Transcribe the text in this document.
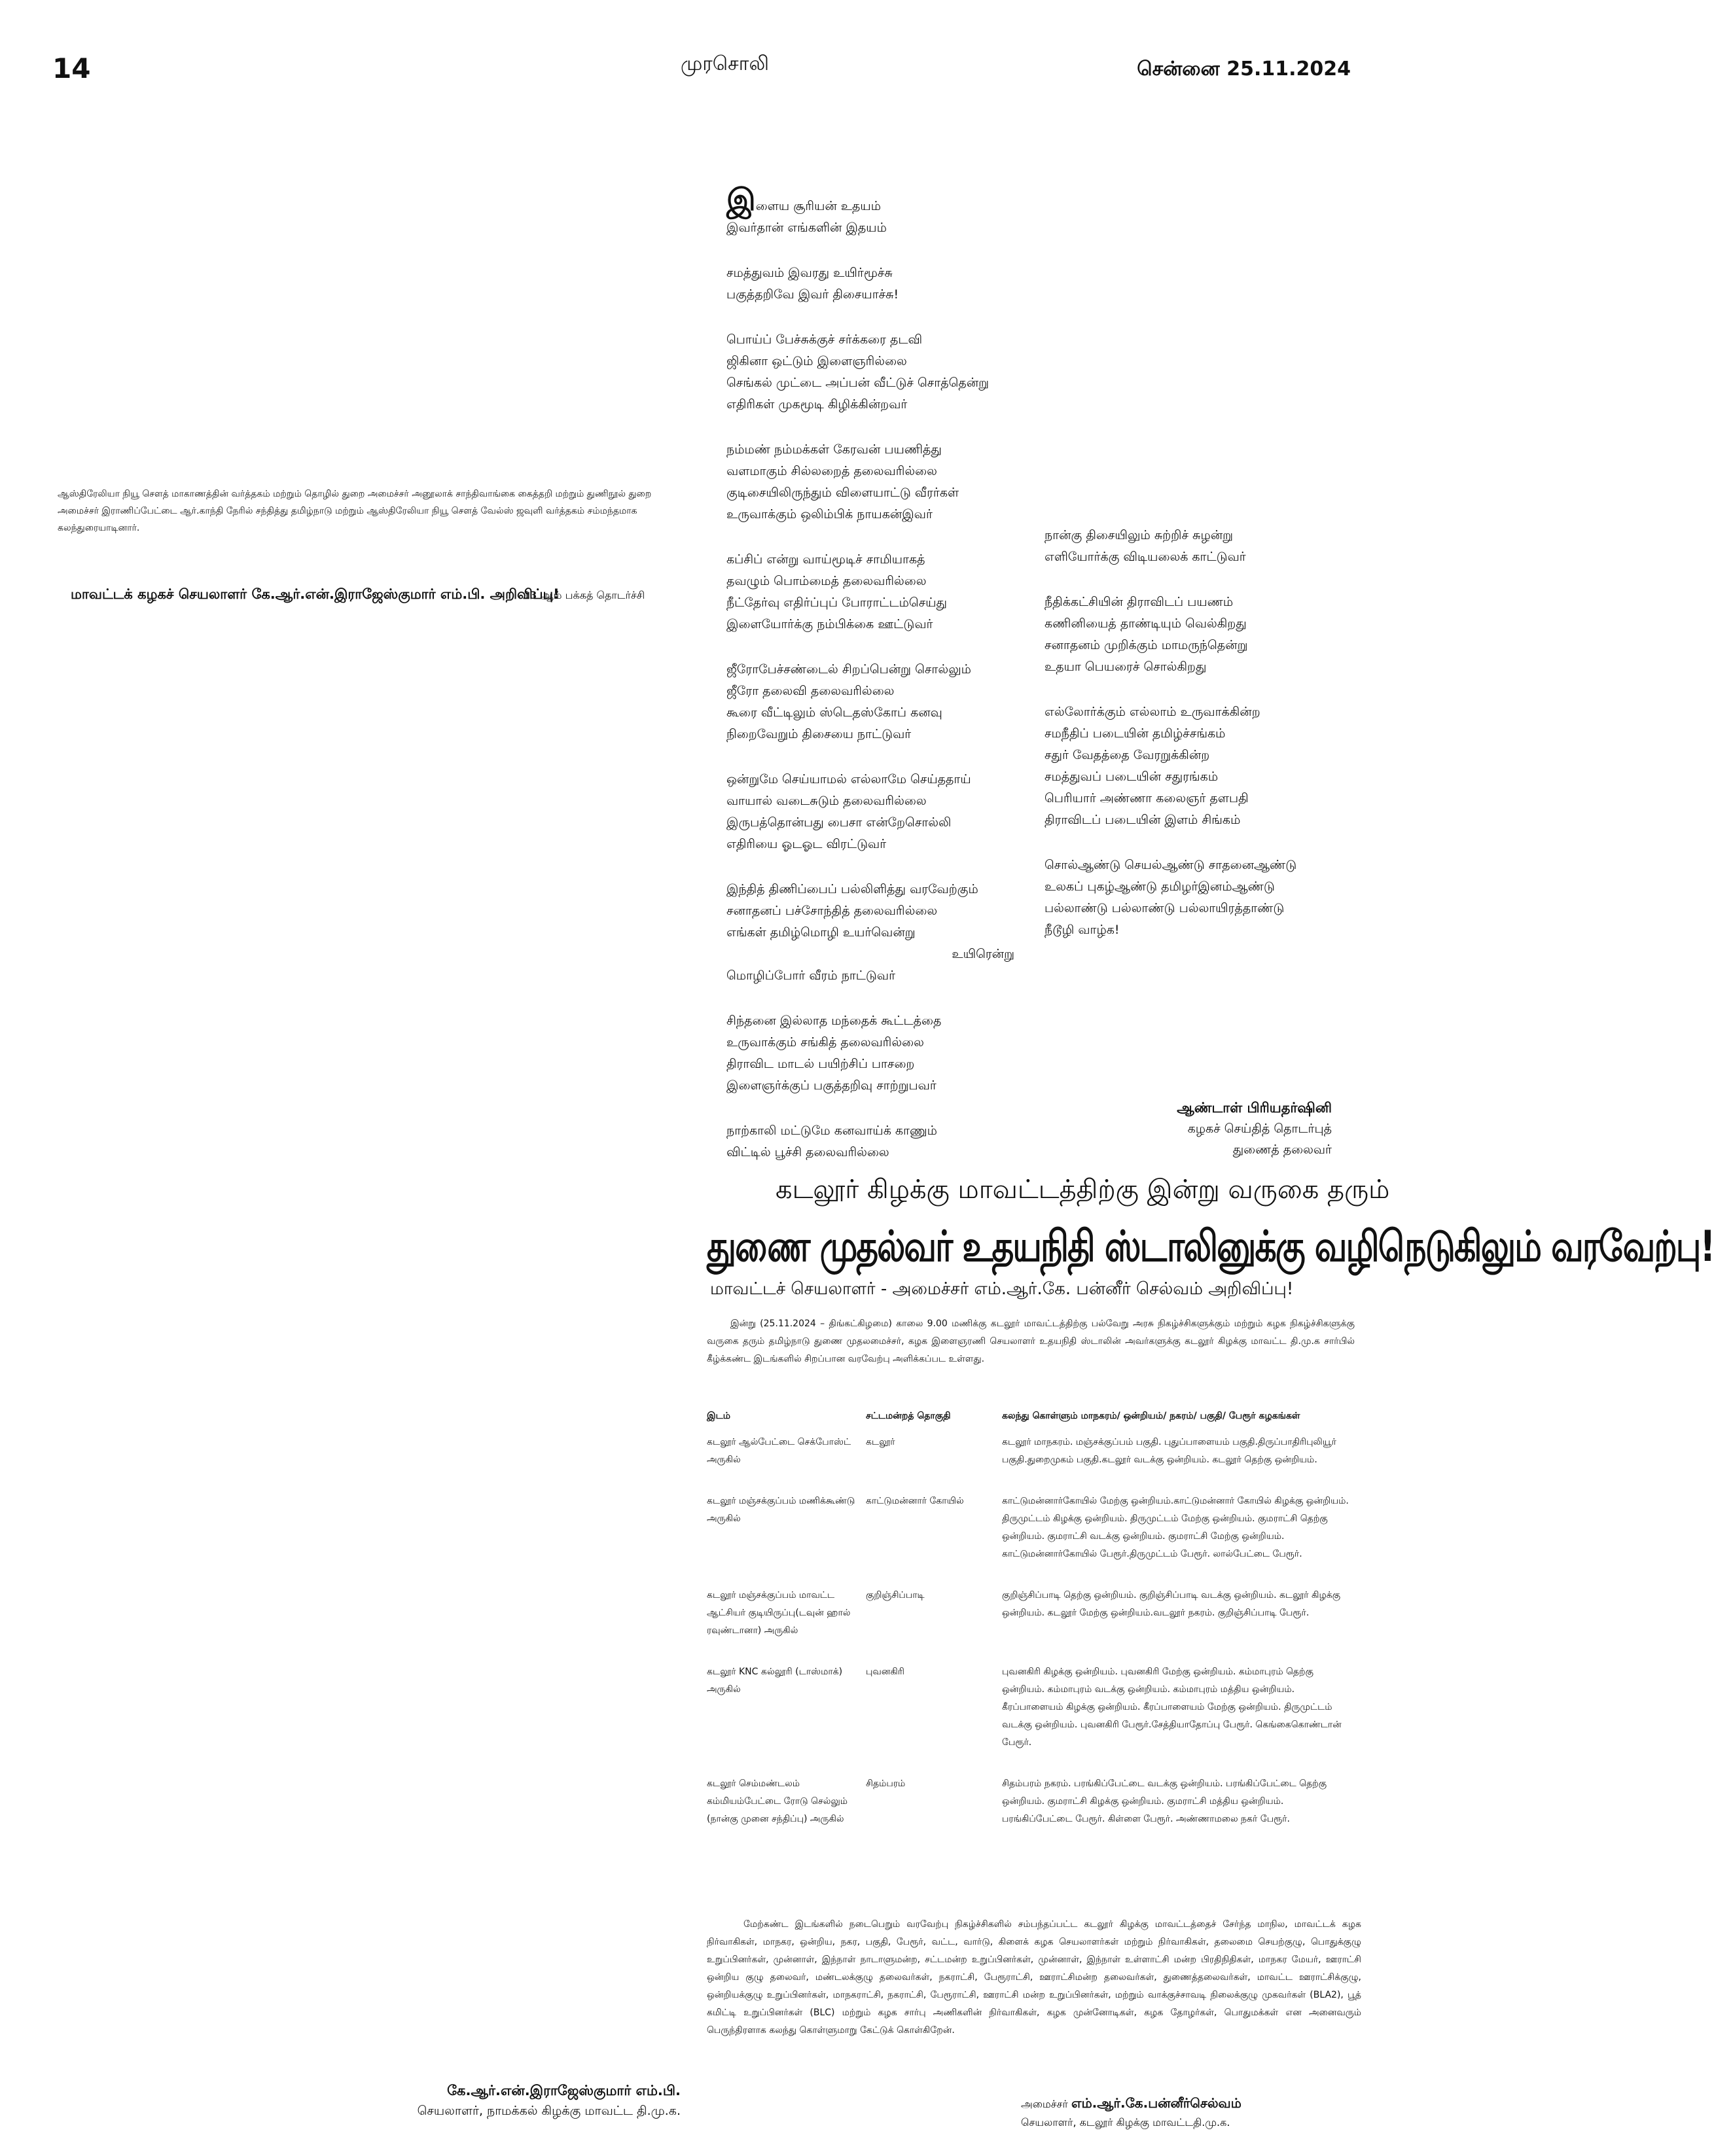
14	முரசொலி	சென்னை 25.11.2024
ஆஸ்திரேலியா நியூ சௌத் மாகாணத்தின் வர்த்தகம் மற்றும் தொழில் துறை அமைச்சர் அனூலாக் சாந்திவாங்கை கைத்தறி மற்றும் துணிநூல் துறை அமைச்சர் இராணிப்பேட்டை ஆர்.காந்தி நேரில் சந்தித்து தமிழ்நாடு மற்றும் ஆஸ்திரேலியா நியூ சௌத் வேல்ஸ் ஜவுளி வர்த்தகம் சம்மந்தமாக கலந்துரையாடினார்.
மாவட்டக் கழகச் செயலாளர் கே.ஆர்.என்.இராஜேஸ்குமார் எம்.பி. அறிவிப்பு!
13 ஆம் பக்கத் தொடர்ச்சி
இளைய சூரியன் உதயம்
இவர்தான் எங்களின் இதயம்
சமத்துவம் இவரது உயிர்மூச்சு
பகுத்தறிவே இவர் திசையாச்சு!
பொய்ப் பேச்சுக்குச் சர்க்கரை தடவி
ஜிகினா ஒட்டும் இளைஞரில்லை
செங்கல் முட்டை அப்பன் வீட்டுச் சொத்தென்று
எதிரிகள் முகமூடி கிழிக்கின்றவர்
நம்மண் நம்மக்கள் கேரவன் பயணித்து
வளமாகும் சில்லறைத் தலைவரில்லை
குடிசையிலிருந்தும் விளையாட்டு வீரர்கள்
உருவாக்கும் ஒலிம்பிக் நாயகன்இவர்
கப்சிப் என்று வாய்மூடிச் சாமியாகத்
தவழும் பொம்மைத் தலைவரில்லை
நீட்தேர்வு எதிர்ப்புப் போராட்டம்செய்து
இளையோர்க்கு நம்பிக்கை ஊட்டுவர்
ஜீரோபேச்சண்டைல் சிறப்பென்று சொல்லும்
ஜீரோ தலைவி தலைவரில்லை
கூரை வீட்டிலும் ஸ்டெதஸ்கோப் கனவு
நிறைவேறும் திசையை நாட்டுவர்
ஒன்றுமே செய்யாமல் எல்லாமே செய்ததாய்
வாயால் வடைசுடும் தலைவரில்லை
இருபத்தொன்பது பைசா என்றேசொல்லி
எதிரியை ஓடஓட விரட்டுவர்
இந்தித் திணிப்பைப் பல்லிளித்து வரவேற்கும்
சனாதனப் பச்சோந்தித் தலைவரில்லை
எங்கள் தமிழ்மொழி உயர்வென்று
உயிரென்று
மொழிப்போர் வீரம் நாட்டுவர்
சிந்தனை இல்லாத மந்தைக் கூட்டத்தை
உருவாக்கும் சங்கித் தலைவரில்லை
திராவிட மாடல் பயிற்சிப் பாசறை
இளைஞர்க்குப் பகுத்தறிவு சாற்றுபவர்
நாற்காலி மட்டுமே கனவாய்க் காணும்
விட்டில் பூச்சி தலைவரில்லை
நான்கு திசையிலும் சுற்றிச் சுழன்று
எளியோர்க்கு விடியலைக் காட்டுவர்
நீதிக்கட்சியின் திராவிடப் பயணம்
கணினியைத் தாண்டியும் வெல்கிறது
சனாதனம் முறிக்கும் மாமருந்தென்று
உதயா பெயரைச் சொல்கிறது
எல்லோர்க்கும் எல்லாம் உருவாக்கின்ற
சமநீதிப் படையின் தமிழ்ச்சங்கம்
சதுர் வேதத்தை வேரறுக்கின்ற
சமத்துவப் படையின் சதுரங்கம்
பெரியார் அண்ணா கலைஞர் தளபதி
திராவிடப் படையின் இளம் சிங்கம்
சொல்ஆண்டு செயல்ஆண்டு சாதனைஆண்டு
உலகப் புகழ்ஆண்டு தமிழர்இனம்ஆண்டு
பல்லாண்டு பல்லாண்டு பல்லாயிரத்தாண்டு
நீடூழி வாழ்க!
ஆண்டாள் பிரியதர்ஷினி
கழகச் செய்தித் தொடர்புத்
துணைத் தலைவர்
கடலூர் கிழக்கு மாவட்டத்திற்கு இன்று வருகை தரும்
துணை முதல்வர் உதயநிதி ஸ்டாலினுக்கு வழிநெடுகிலும் வரவேற்பு!
மாவட்டச் செயலாளர் - அமைச்சர் எம்.ஆர்.கே. பன்னீர் செல்வம் அறிவிப்பு!
இன்று (25.11.2024 – திங்கட்கிழமை) காலை 9.00 மணிக்கு கடலூர் மாவட்டத்திற்கு பல்வேறு அரசு நிகழ்ச்சிகளுக்கும் மற்றும் கழக நிகழ்ச்சிகளுக்கு வருகை தரும் தமிழ்நாடு துணை முதலமைச்சர், கழக இளைஞரணி செயலாளர் உதயநிதி ஸ்டாலின் அவர்களுக்கு கடலூர் கிழக்கு மாவட்ட தி.மு.க சார்பில் கீழ்க்கண்ட இடங்களில் சிறப்பான வரவேற்பு அளிக்கப்பட உள்ளது.
இடம்	சட்டமன்றத் தொகுதி	கலந்து கொள்ளும் மாநகரம்/ ஒன்றியம்/ நகரம்/ பகுதி/ பேரூர் கழகங்கள்
கடலூர் ஆல்பேட்டை செக்போஸ்ட் அருகில்	கடலூர்	கடலூர் மாநகரம். மஞ்சக்குப்பம் பகுதி. புதுப்பாளையம் பகுதி.திருப்பாதிரிபுலியூர் பகுதி.துறைமுகம் பகுதி.கடலூர் வடக்கு ஒன்றியம். கடலூர் தெற்கு ஒன்றியம்.
கடலூர் மஞ்சக்குப்பம் மணிக்கூண்டு அருகில்	காட்டுமன்னார் கோயில்	காட்டுமன்னார்கோயில் மேற்கு ஒன்றியம்.காட்டுமன்னார் கோயில் கிழக்கு ஒன்றியம். திருமுட்டம் கிழக்கு ஒன்றியம். திருமுட்டம் மேற்கு ஒன்றியம். குமராட்சி தெற்கு ஒன்றியம். குமராட்சி வடக்கு ஒன்றியம். குமராட்சி மேற்கு ஒன்றியம். காட்டுமன்னார்கோயில் பேரூர்.திருமுட்டம் பேரூர். லால்பேட்டை பேரூர்.
கடலூர் மஞ்சக்குப்பம் மாவட்ட ஆட்சியர் குடியிருப்பு(டவுன் ஹால் ரவுண்டானா) அருகில்	குறிஞ்சிப்பாடி	குறிஞ்சிப்பாடி தெற்கு ஒன்றியம். குறிஞ்சிப்பாடி வடக்கு ஒன்றியம். கடலூர் கிழக்கு ஒன்றியம். கடலூர் மேற்கு ஒன்றியம்.வடலூர் நகரம். குறிஞ்சிப்பாடி பேரூர்.
கடலூர் KNC கல்லூரி (டாஸ்மாக்) அருகில்	புவனகிரி	புவனகிரி கிழக்கு ஒன்றியம். புவனகிரி மேற்கு ஒன்றியம். கம்மாபுரம் தெற்கு ஒன்றியம். கம்மாபுரம் வடக்கு ஒன்றியம். கம்மாபுரம் மத்திய ஒன்றியம். கீரப்பாளையம் கிழக்கு ஒன்றியம். கீரப்பாளையம் மேற்கு ஒன்றியம். திருமுட்டம் வடக்கு ஒன்றியம். புவனகிரி பேரூர்.சேத்தியாதோப்பு பேரூர். கெங்கைகொண்டான் பேரூர்.
கடலூர் செம்மண்டலம் கம்மியம்பேட்டை ரோடு செல்லும் (நான்கு முனை சந்திப்பு) அருகில்	சிதம்பரம்	சிதம்பரம் நகரம். பரங்கிப்பேட்டை வடக்கு ஒன்றியம். பரங்கிப்பேட்டை தெற்கு ஒன்றியம். குமராட்சி கிழக்கு ஒன்றியம். குமராட்சி மத்திய ஒன்றியம். பரங்கிப்பேட்டை பேரூர். கிள்ளை பேரூர். அண்ணாமலை நகர் பேரூர்.
மேற்கண்ட இடங்களில் நடைபெறும் வரவேற்பு நிகழ்ச்சிகளில் சம்பந்தப்பட்ட கடலூர் கிழக்கு மாவட்டத்தைச் சேர்ந்த மாநில, மாவட்டக் கழக நிர்வாகிகள், மாநகர, ஒன்றிய, நகர, பகுதி, பேரூர், வட்ட, வார்டு, கிளைக் கழக செயலாளர்கள் மற்றும் நிர்வாகிகள், தலைமை செயற்குழு, பொதுக்குழு உறுப்பினர்கள், முன்னாள், இந்நாள் நாடாளுமன்ற, சட்டமன்ற உறுப்பினர்கள், முன்னாள், இந்நாள் உள்ளாட்சி மன்ற பிரதிநிதிகள், மாநகர மேயர், ஊராட்சி ஒன்றிய குழு தலைவர், மண்டலக்குழு தலைவர்கள், நகராட்சி, பேரூராட்சி, ஊராட்சிமன்ற தலைவர்கள், துணைத்தலைவர்கள், மாவட்ட ஊராட்சிக்குழு, ஒன்றியக்குழு உறுப்பினர்கள், மாநகராட்சி, நகராட்சி, பேரூராட்சி, ஊராட்சி மன்ற உறுப்பினர்கள், மற்றும் வாக்குச்சாவடி நிலைக்குழு முகவர்கள் (BLA2), பூத் கமிட்டி உறுப்பினர்கள் (BLC) மற்றும் கழக சார்பு அணிகளின் நிர்வாகிகள், கழக முன்னோடிகள், கழக தோழர்கள், பொதுமக்கள் என அனைவரும் பெருந்திரளாக கலந்து கொள்ளுமாறு கேட்டுக் கொள்கிறேன்.
கே.ஆர்.என்.இராஜேஸ்குமார் எம்.பி.
செயலாளர், நாமக்கல் கிழக்கு மாவட்ட தி.மு.க.	அமைச்சர் எம்.ஆர்.கே.பன்னீர்செல்வம்
செயலாளர், கடலூர் கிழக்கு மாவட்டதி.மு.க.
